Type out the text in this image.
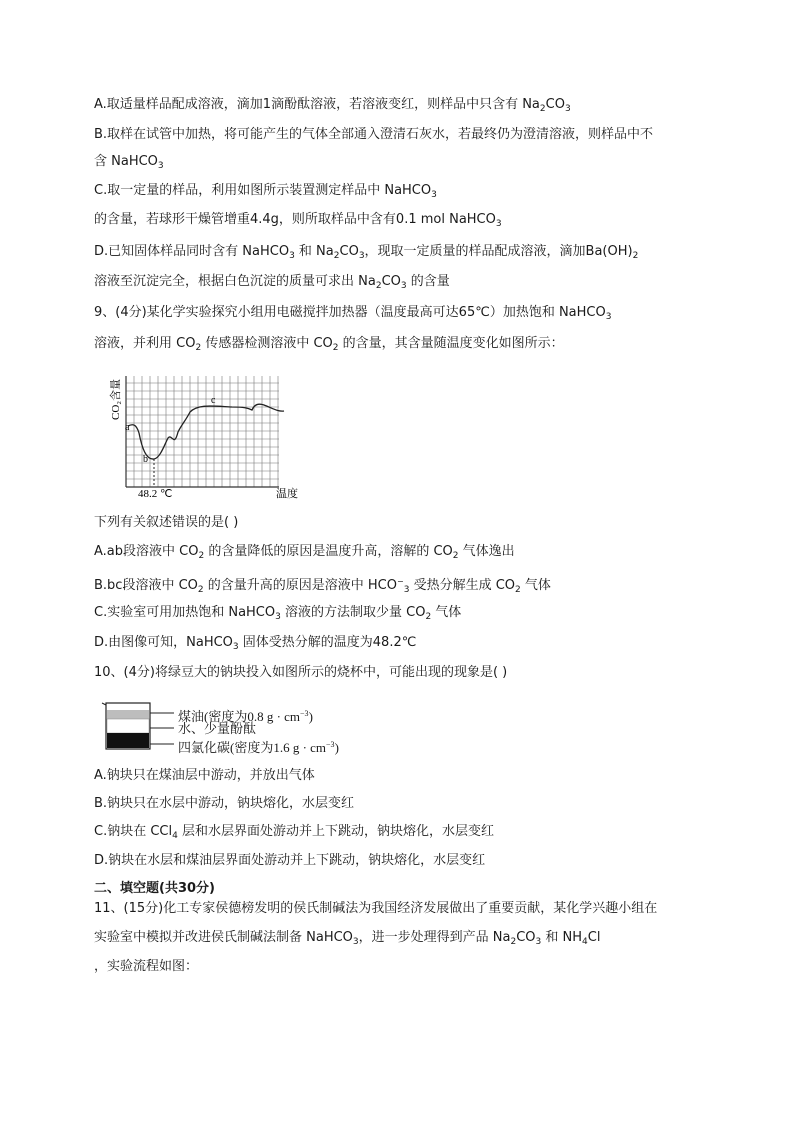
A.取适量样品配成溶液，滴加1滴酚酞溶液，若溶液变红，则样品中只含有 $Na_2CO_3$
B.取样在试管中加热，将可能产生的气体全部通入澄清石灰水，若最终仍为澄清溶液，则样品中不
含 NaHCO$_3$
C.取一定量的样品，利用如图所示装置测定样品中 NaHCO$_3$
的含量，若球形干燥管增重4.4g，则所取样品中含有0.1 mol NaHCO$_3$
D.已知固体样品同时含有 NaHCO$_3$ 和 $Na_2CO_3$，现取一定质量的样品配成溶液，滴加$Ba(OH)_2$
溶液至沉淀完全，根据白色沉淀的质量可求出 $Na_2CO_3$ 的含量
9、(4分)某化学实验探究小组用电磁搅拌加热器（温度最高可达65℃）加热饱和 NaHCO$_3$
溶液，并利用 $CO_2$ 传感器检测溶液中 $CO_2$ 的含量，其含量随温度变化如图所示：
a
b
c
48.2 ℃	温度
CO₂含量
下列有关叙述错误的是( )
A.ab段溶液中 $CO_2$ 的含量降低的原因是温度升高，溶解的 $CO_2$ 气体逸出
B.bc段溶液中 $CO_2$ 的含量升高的原因是溶液中 $HCO^-_3$ 受热分解生成 $CO_2$ 气体
C.实验室可用加热饱和 NaHCO$_3$ 溶液的方法制取少量 $CO_2$ 气体
D.由图像可知，NaHCO$_3$ 固体受热分解的温度为48.2℃
10、(4分)将绿豆大的钠块投入如图所示的烧杯中，可能出现的现象是( )
煤油(密度为0.8 $g \cdot cm^{-3}$)
水、少量酚酞
四氯化碳(密度为1.6 $g \cdot cm^{-3}$)
A.钠块只在煤油层中游动，并放出气体
B.钠块只在水层中游动，钠块熔化，水层变红
C.钠块在 CCl$_4$ 层和水层界面处游动并上下跳动，钠块熔化，水层变红
D.钠块在水层和煤油层界面处游动并上下跳动，钠块熔化，水层变红
二、填空题(共30分)
11、(15分)化工专家侯德榜发明的侯氏制碱法为我国经济发展做出了重要贡献，某化学兴趣小组在
实验室中模拟并改进侯氏制碱法制备 NaHCO$_3$，进一步处理得到产品 $Na_2CO_3$ 和 $NH_4Cl$
，实验流程如图：
